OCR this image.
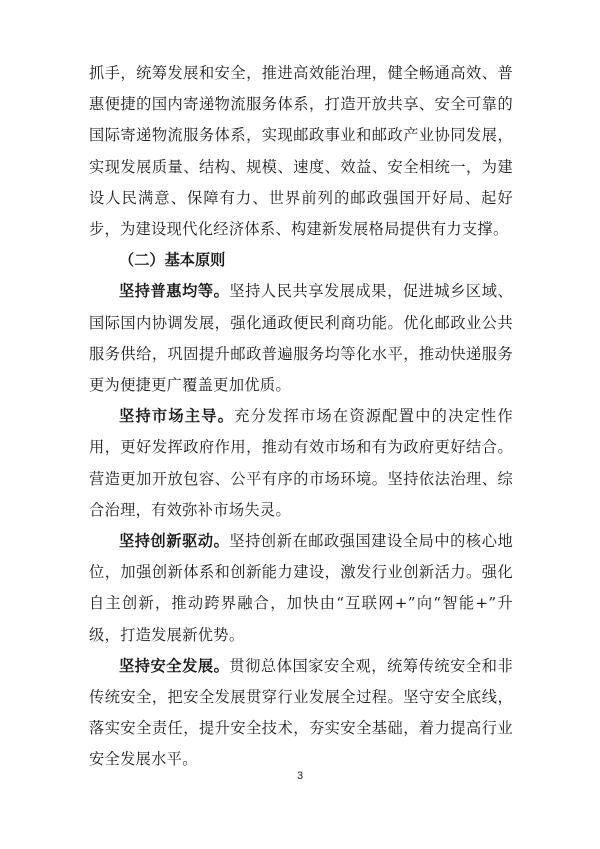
抓手，统筹发展和安全，推进高效能治理，健全畅通高效、普惠便捷的国内寄递物流服务体系，打造开放共享、安全可靠的国际寄递物流服务体系，实现邮政事业和邮政产业协同发展，实现发展质量、结构、规模、速度、效益、安全相统一，为建设人民满意、保障有力、世界前列的邮政强国开好局、起好步，为建设现代化经济体系、构建新发展格局提供有力支撑。

（二）基本原则

坚持普惠均等。坚持人民共享发展成果，促进城乡区域、国际国内协调发展，强化通政便民利商功能。优化邮政业公共服务供给，巩固提升邮政普遍服务均等化水平，推动快递服务更为便捷更广覆盖更加优质。

坚持市场主导。充分发挥市场在资源配置中的决定性作用，更好发挥政府作用，推动有效市场和有为政府更好结合。营造更加开放包容、公平有序的市场环境。坚持依法治理、综合治理，有效弥补市场失灵。

坚持创新驱动。坚持创新在邮政强国建设全局中的核心地位，加强创新体系和创新能力建设，激发行业创新活力。强化自主创新，推动跨界融合，加快由“互联网+”向“智能+”升级，打造发展新优势。

坚持安全发展。贯彻总体国家安全观，统筹传统安全和非传统安全，把安全发展贯穿行业发展全过程。坚守安全底线，落实安全责任，提升安全技术，夯实安全基础，着力提高行业安全发展水平。

3
